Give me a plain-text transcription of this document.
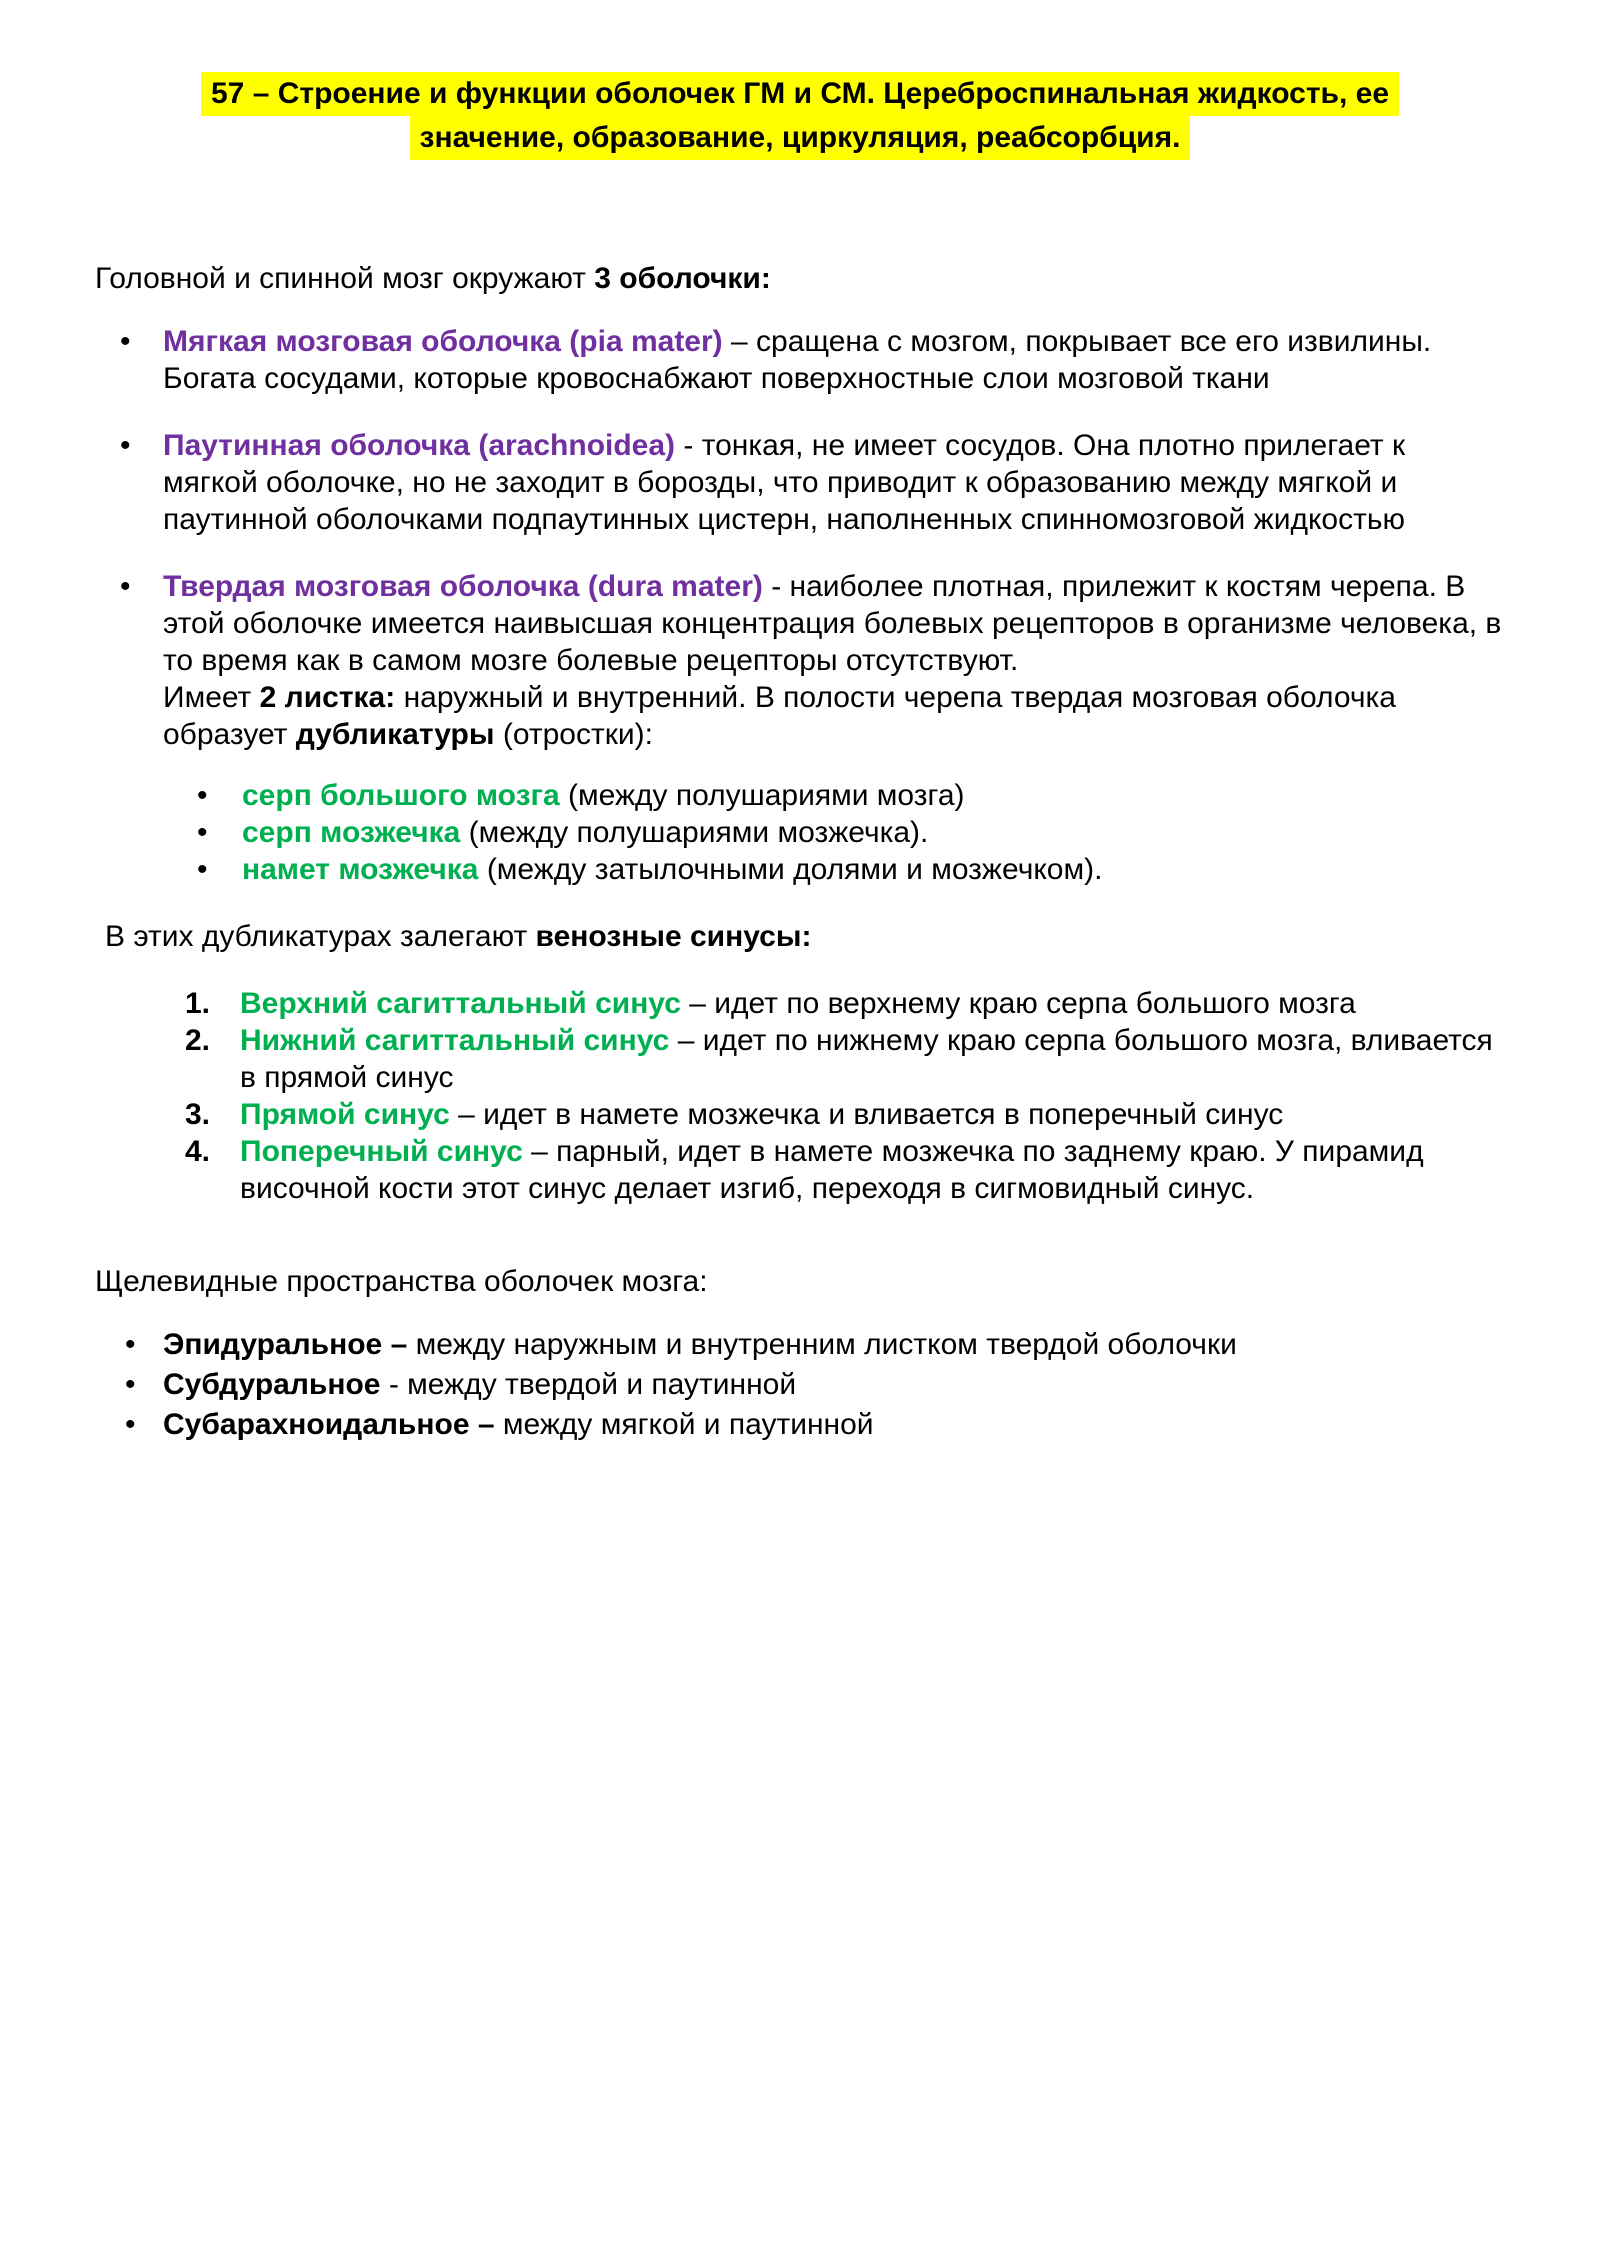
57 – Строение и функции оболочек ГМ и СМ. Цереброспинальная жидкость, ее
значение, образование, циркуляция, реабсорбция.

Головной и спинной мозг окружают 3 оболочки:

• Мягкая мозговая оболочка (pia mater) – сращена с мозгом, покрывает все его извилины. Богата сосудами, которые кровоснабжают поверхностные слои мозговой ткани
• Паутинная оболочка (arachnoidea) - тонкая, не имеет сосудов. Она плотно прилегает к мягкой оболочке, но не заходит в борозды, что приводит к образованию между мягкой и паутинной оболочками подпаутинных цистерн, наполненных спинномозговой жидкостью
• Твердая мозговая оболочка (dura mater) - наиболее плотная, прилежит к костям черепа. В этой оболочке имеется наивысшая концентрация болевых рецепторов в организме человека, в то время как в самом мозге болевые рецепторы отсутствуют.
Имеет 2 листка: наружный и внутренний. В полости черепа твердая мозговая оболочка образует дубликатуры (отростки):
• серп большого мозга (между полушариями мозга)
• серп мозжечка (между полушариями мозжечка).
• намет мозжечка (между затылочными долями и мозжечком).

В этих дубликатурах залегают венозные синусы:

1. Верхний сагиттальный синус – идет по верхнему краю серпа большого мозга
2. Нижний сагиттальный синус – идет по нижнему краю серпа большого мозга, вливается в прямой синус
3. Прямой синус – идет в намете мозжечка и вливается в поперечный синус
4. Поперечный синус – парный, идет в намете мозжечка по заднему краю. У пирамид височной кости этот синус делает изгиб, переходя в сигмовидный синус.

Щелевидные пространства оболочек мозга:

• Эпидуральное – между наружным и внутренним листком твердой оболочки
• Субдуральное - между твердой и паутинной
• Субарахноидальное – между мягкой и паутинной
